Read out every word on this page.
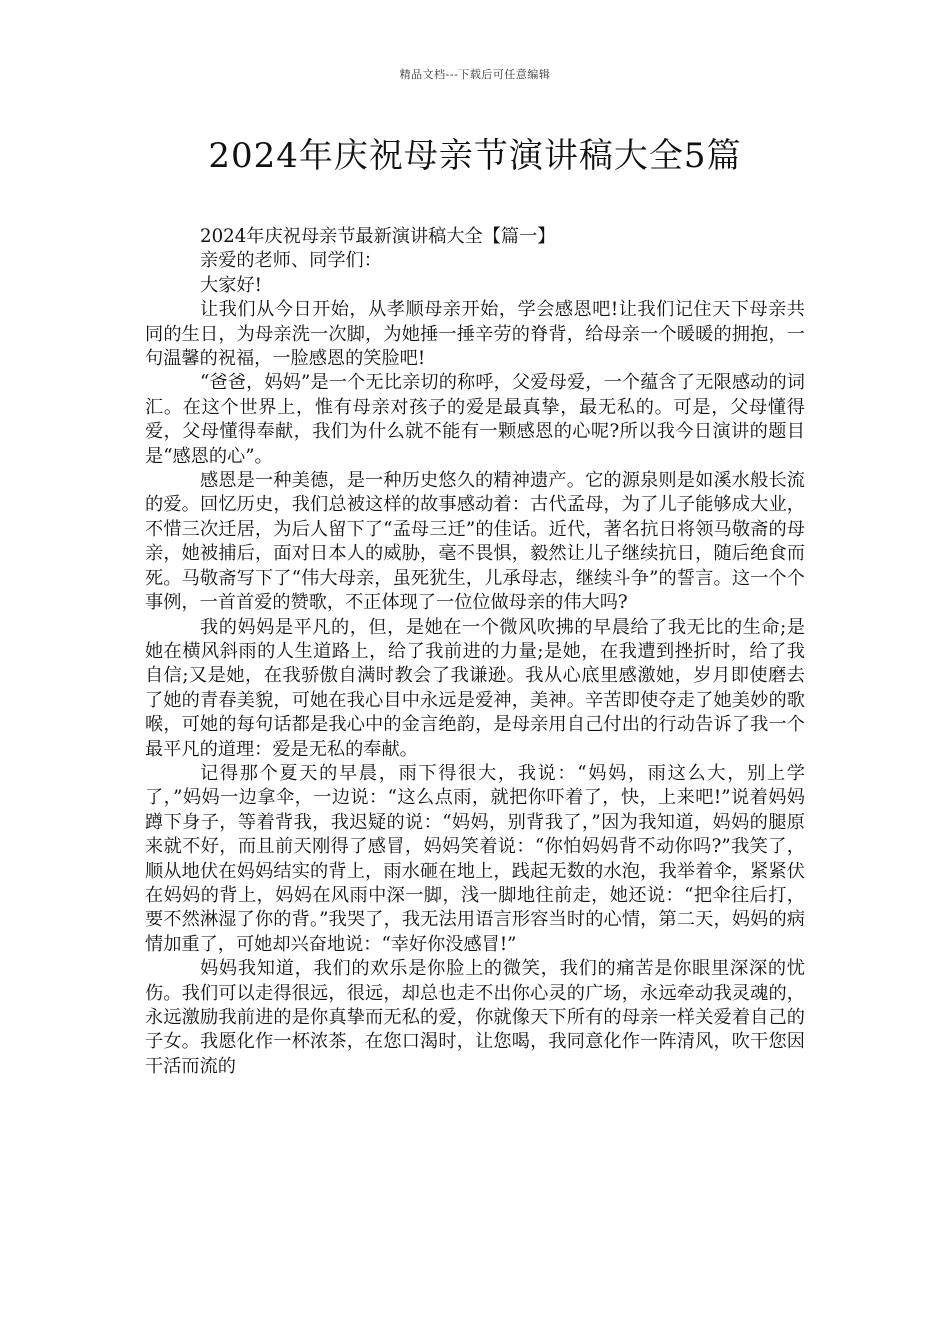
精品文档---下载后可任意编辑
2024年庆祝母亲节演讲稿大全5篇

2024年庆祝母亲节最新演讲稿大全【篇一】

亲爱的老师、同学们：

大家好!

让我们从今日开始，从孝顺母亲开始，学会感恩吧!让我们记住天下母亲共同的生日，为母亲洗一次脚，为她捶一捶辛劳的脊背，给母亲一个暖暖的拥抱，一句温馨的祝福，一脸感恩的笑脸吧!

“爸爸，妈妈”是一个无比亲切的称呼，父爱母爱，一个蕴含了无限感动的词汇。在这个世界上，惟有母亲对孩子的爱是最真挚，最无私的。可是，父母懂得爱，父母懂得奉献，我们为什么就不能有一颗感恩的心呢?所以我今日演讲的题目是“感恩的心”。

感恩是一种美德，是一种历史悠久的精神遗产。它的源泉则是如溪水般长流的爱。回忆历史，我们总被这样的故事感动着：古代孟母，为了儿子能够成大业，不惜三次迁居，为后人留下了“孟母三迁”的佳话。近代，著名抗日将领马敬斋的母亲，她被捕后，面对日本人的威胁，毫不畏惧，毅然让儿子继续抗日，随后绝食而死。马敬斋写下了“伟大母亲，虽死犹生，儿承母志，继续斗争”的誓言。这一个个事例，一首首爱的赞歌，不正体现了一位位做母亲的伟大吗?

我的妈妈是平凡的，但，是她在一个微风吹拂的早晨给了我无比的生命;是她在横风斜雨的人生道路上，给了我前进的力量;是她，在我遭到挫折时，给了我自信;又是她，在我骄傲自满时教会了我谦逊。我从心底里感激她，岁月即使磨去了她的青春美貌，可她在我心目中永远是爱神，美神。辛苦即使夺走了她美妙的歌喉，可她的每句话都是我心中的金言绝韵，是母亲用自己付出的行动告诉了我一个最平凡的道理：爱是无私的奉献。

记得那个夏天的早晨，雨下得很大，我说：“妈妈，雨这么大，别上学了，”妈妈一边拿伞，一边说：“这么点雨，就把你吓着了，快，上来吧!”说着妈妈蹲下身子，等着背我，我迟疑的说：“妈妈，别背我了，”因为我知道，妈妈的腿原来就不好，而且前天刚得了感冒，妈妈笑着说：“你怕妈妈背不动你吗?”我笑了，顺从地伏在妈妈结实的背上，雨水砸在地上，践起无数的水泡，我举着伞，紧紧伏在妈妈的背上，妈妈在风雨中深一脚，浅一脚地往前走，她还说：“把伞往后打，要不然淋湿了你的背。”我哭了，我无法用语言形容当时的心情，第二天，妈妈的病情加重了，可她却兴奋地说：“幸好你没感冒!”

妈妈我知道，我们的欢乐是你脸上的微笑，我们的痛苦是你眼里深深的忧伤。我们可以走得很远，很远，却总也走不出你心灵的广场，永远牵动我灵魂的，永远激励我前进的是你真挚而无私的爱，你就像天下所有的母亲一样关爱着自己的子女。我愿化作一杯浓茶，在您口渴时，让您喝，我同意化作一阵清风，吹干您因干活而流的
